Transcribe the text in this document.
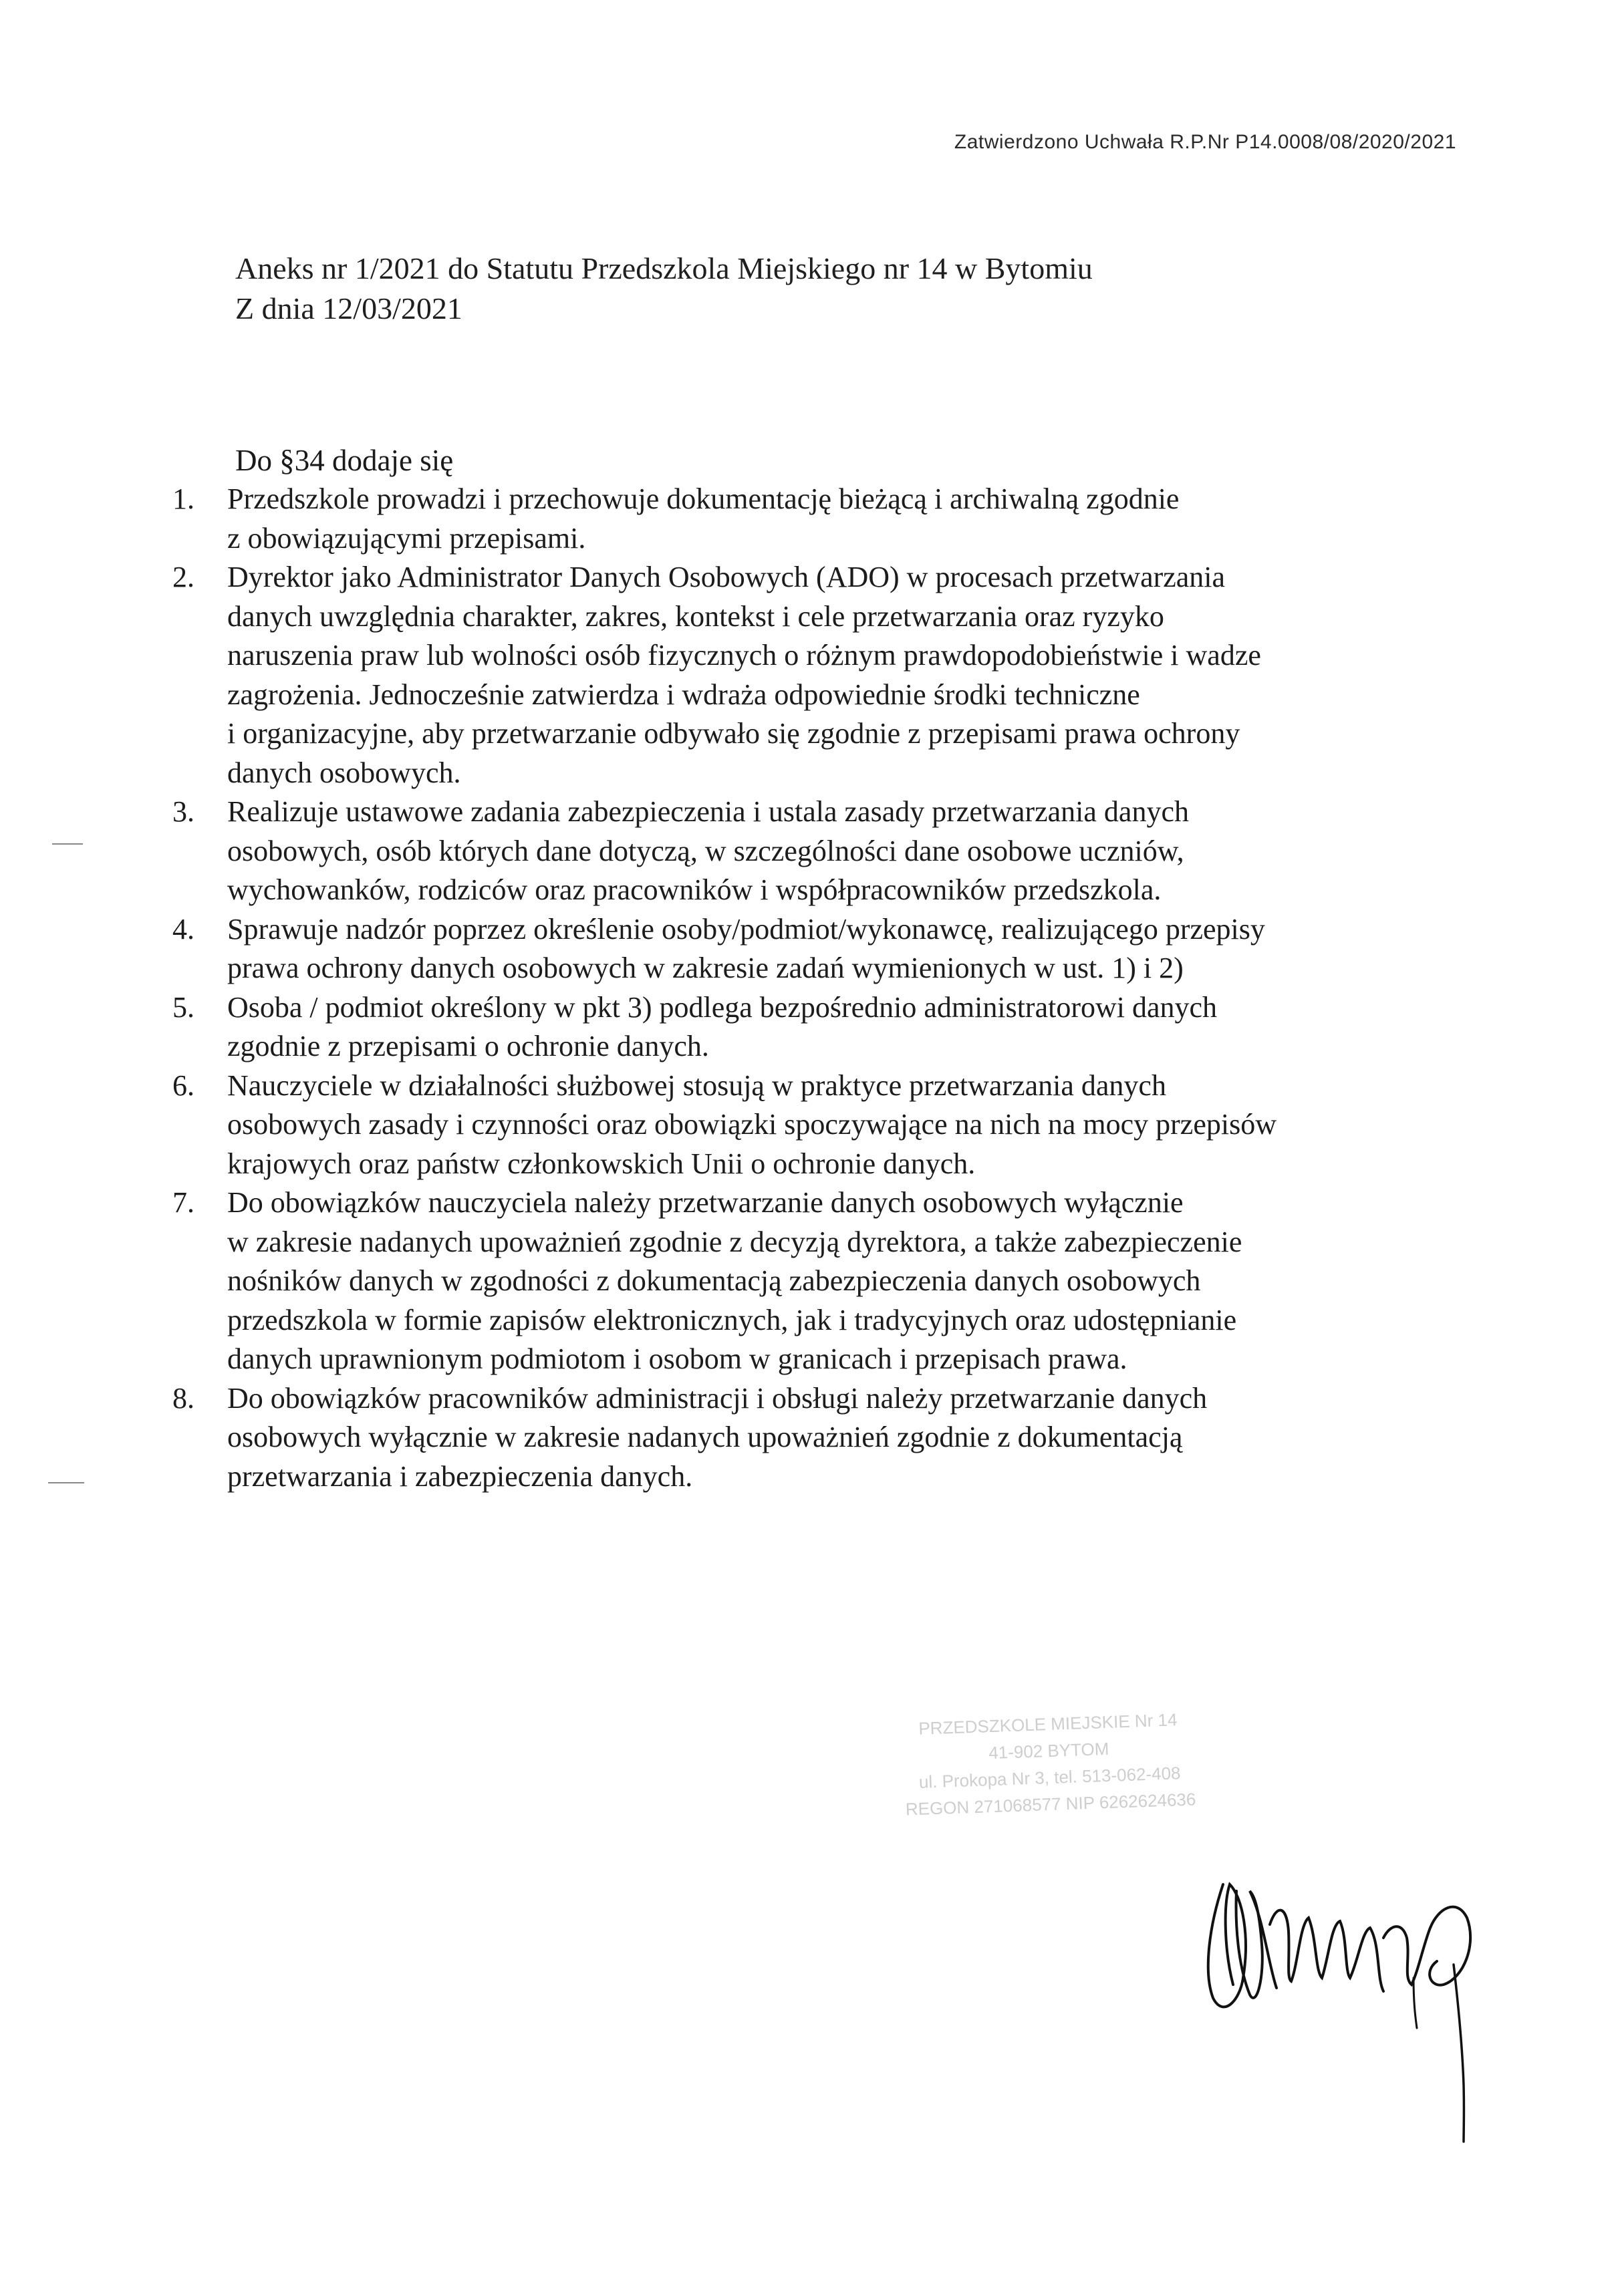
Zatwierdzono Uchwała R.P.Nr P14.0008/08/2020/2021
Aneks nr 1/2021 do Statutu Przedszkola Miejskiego nr 14 w Bytomiu
Z dnia 12/03/2021
Do §34 dodaje się
1.	Przedszkole prowadzi i przechowuje dokumentację bieżącą i archiwalną zgodnie
z obowiązującymi przepisami.
2.	Dyrektor jako Administrator Danych Osobowych (ADO) w procesach przetwarzania
danych uwzględnia charakter, zakres, kontekst i cele przetwarzania oraz ryzyko
naruszenia praw lub wolności osób fizycznych o różnym prawdopodobieństwie i wadze
zagrożenia. Jednocześnie zatwierdza i wdraża odpowiednie środki techniczne
i organizacyjne, aby przetwarzanie odbywało się zgodnie z przepisami prawa ochrony
danych osobowych.
3.	Realizuje ustawowe zadania zabezpieczenia i ustala zasady przetwarzania danych
osobowych, osób których dane dotyczą, w szczególności dane osobowe uczniów,
wychowanków, rodziców oraz pracowników i współpracowników przedszkola.
4.	Sprawuje nadzór poprzez określenie osoby/podmiot/wykonawcę, realizującego przepisy
prawa ochrony danych osobowych w zakresie zadań wymienionych w ust. 1) i 2)
5.	Osoba / podmiot określony w pkt 3) podlega bezpośrednio administratorowi danych
zgodnie z przepisami o ochronie danych.
6.	Nauczyciele w działalności służbowej stosują w praktyce przetwarzania danych
osobowych zasady i czynności oraz obowiązki spoczywające na nich na mocy przepisów
krajowych oraz państw członkowskich Unii o ochronie danych.
7.	Do obowiązków nauczyciela należy przetwarzanie danych osobowych wyłącznie
w zakresie nadanych upoważnień zgodnie z decyzją dyrektora, a także zabezpieczenie
nośników danych w zgodności z dokumentacją zabezpieczenia danych osobowych
przedszkola w formie zapisów elektronicznych, jak i tradycyjnych oraz udostępnianie
danych uprawnionym podmiotom i osobom w granicach i przepisach prawa.
8.	Do obowiązków pracowników administracji i obsługi należy przetwarzanie danych
osobowych wyłącznie w zakresie nadanych upoważnień zgodnie z dokumentacją
przetwarzania i zabezpieczenia danych.
PRZEDSZKOLE MIEJSKIE Nr 14
41-902 BYTOM
ul. Prokopa Nr 3, tel. 513-062-408
REGON 271068577 NIP 6262624636
